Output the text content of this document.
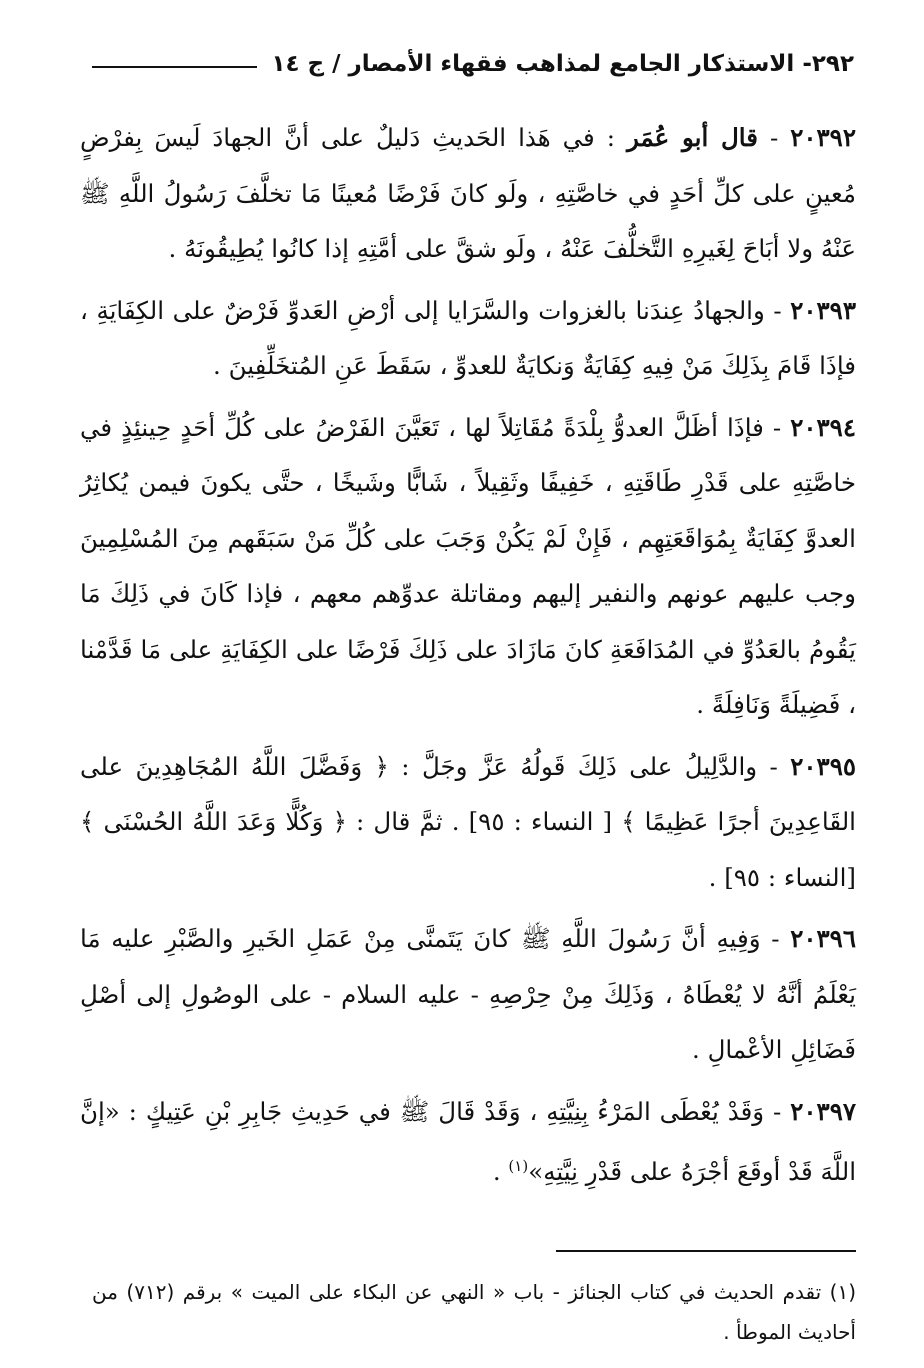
٢٩٢- الاستذكار الجامع لمذاهب فقهاء الأمصار / ج ١٤

٢٠٣٩٢ - قال أبو عُمَر : في هَذا الحَديثِ دَليلٌ على أنَّ الجهادَ لَيسَ بِفرْضٍ مُعينٍ على كلِّ أحَدٍ في خاصَّتِهِ ، ولَو كانَ فَرْضًا مُعينًا مَا تخلَّفَ رَسُولُ اللَّهِ ﷺ عَنْهُ ولا أبَاحَ لِغَيرِهِ التَّخلُّفَ عَنْهُ ، ولَو شقَّ على أمَّتِهِ إذا كانُوا يُطِيقُونَهُ .

٢٠٣٩٣ - والجهادُ عِندَنا بالغزوات والسَّرَايا إلى أرْضِ العَدوِّ فَرْضٌ على الكِفَايَةِ ، فإذَا قَامَ بِذَلِكَ مَنْ فِيهِ كِفَايَةٌ وَنكايَةٌ للعدوِّ ، سَقَطَ عَنِ المُتخَلِّفِينَ .

٢٠٣٩٤ - فإذَا أظَلَّ العدوُّ بِلْدَةً مُقَاتِلاً لها ، تَعَيَّنَ الفَرْضُ على كُلِّ أحَدٍ حِينئِذٍ في خاصَّتِهِ على قَدْرِ طَاقَتِهِ ، خَفِيفًا وثَقِيلاً ، شَابًّا وشَيخًا ، حتَّى يكونَ فيمن يُكاثِرُ العدوَّ كِفَايَةٌ بِمُوَاقَعَتِهِم ، فَإِنْ لَمْ يَكُنْ وَجَبَ على كُلِّ مَنْ سَبَقَهم مِنَ المُسْلِمِينَ وجب عليهم عونهم والنفير إليهم ومقاتلة عدوِّهم معهم ، فإذا كَانَ في ذَلِكَ مَا يَقُومُ بالعَدُوِّ في المُدَافَعَةِ كانَ مَازَادَ على ذَلِكَ فَرْضًا على الكِفَايَةِ على مَا قَدَّمْنا ، فَضِيلَةً وَنَافِلَةً .

٢٠٣٩٥ - والدَّلِيلُ على ذَلِكَ قَولُهُ عَزَّ وجَلَّ : ﴿ وَفَضَّلَ اللَّهُ المُجَاهِدِينَ على القَاعِدِينَ أجرًا عَظِيمًا ﴾ [ النساء : ٩٥] . ثمَّ قال : ﴿ وَكُلًّا وَعَدَ اللَّهُ الحُسْنَى ﴾ [النساء : ٩٥] .

٢٠٣٩٦ - وَفِيهِ أنَّ رَسُولَ اللَّهِ ﷺ كانَ يَتَمنَّى مِنْ عَمَلِ الخَيرِ والصَّبْرِ عليه مَا يَعْلَمُ أنَّهُ لا يُعْطَاهُ ، وَذَلِكَ مِنْ حِرْصِهِ - عليه السلام - على الوصُولِ إلى أصْلِ فَضَائِلِ الأعْمالِ .

٢٠٣٩٧ - وَقَدْ يُعْطَى المَرْءُ بِنِيَّتِهِ ، وَقَدْ قَالَ ﷺ في حَدِيثِ جَابِرِ بْنِ عَتِيكٍ : «إنَّ اللَّهَ قَدْ أوقَعَ أجْرَهُ على قَدْرِ نِيَّتِهِ»$^{(١)}$ .

(١) تقدم الحديث في كتاب الجنائز - باب « النهي عن البكاء على الميت » برقم (٧١٢) من أحاديث الموطأ .
